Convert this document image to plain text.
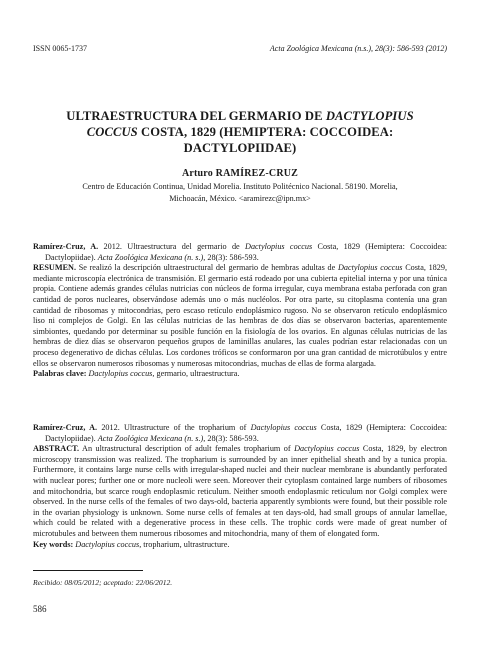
ISSN 0065-1737	Acta Zoológica Mexicana (n.s.), 28(3): 586-593 (2012)
ULTRAESTRUCTURA DEL GERMARIO DE DACTYLOPIUS
COCCUS COSTA, 1829 (HEMIPTERA: COCCOIDEA: DACTYLOPIIDAE)
Arturo RAMÍREZ-CRUZ
Centro de Educación Continua, Unidad Morelia. Instituto Politécnico Nacional. 58190. Morelia,
Michoacán, México. <aramirezc@ipn.mx>

Ramírez-Cruz, A. 2012. Ultraestructura del germario de Dactylopius coccus Costa, 1829 (Hemiptera: Coccoidea: Dactylopiidae). Acta Zoológica Mexicana (n. s.), 28(3): 586-593.

RESUMEN. Se realizó la descripción ultraestructural del germario de hembras adultas de Dactylopius coccus Costa, 1829, mediante microscopía electrónica de transmisión. El germario está rodeado por una cubierta epitelial interna y por una túnica propia. Contiene además grandes células nutricias con núcleos de forma irregular, cuya membrana estaba perforada con gran cantidad de poros nucleares, observándose además uno o más nucléolos. Por otra parte, su citoplasma contenía una gran cantidad de ribosomas y mitocondrias, pero escaso retículo endoplásmico rugoso. No se observaron retículo endoplásmico liso ni complejos de Golgi. En las células nutricias de las hembras de dos días se observaron bacterias, aparentemente simbiontes, quedando por determinar su posible función en la fisiología de los ovarios. En algunas células nutricias de las hembras de diez días se observaron pequeños grupos de laminillas anulares, las cuales podrían estar relacionadas con un proceso degenerativo de dichas células. Los cordones tróficos se conformaron por una gran cantidad de microtúbulos y entre ellos se observaron numerosos ribosomas y numerosas mitocondrias, muchas de ellas de forma alargada.

Palabras clave: Dactylopius coccus, germario, ultraestructura.

Ramírez-Cruz, A. 2012. Ultrastructure of the tropharium of Dactylopius coccus Costa, 1829 (Hemiptera: Coccoidea: Dactylopiidae). Acta Zoológica Mexicana (n. s.), 28(3): 586-593.

ABSTRACT. An ultrastructural description of adult females tropharium of Dactylopius coccus Costa, 1829, by electron microscopy transmission was realized. The tropharium is surrounded by an inner epithelial sheath and by a tunica propia. Furthermore, it contains large nurse cells with irregular-shaped nuclei and their nuclear membrane is abundantly perforated with nuclear pores; further one or more nucleoli were seen. Moreover their cytoplasm contained large numbers of ribosomes and mitochondria, but scarce rough endoplasmic reticulum. Neither smooth endoplasmic reticulum nor Golgi complex were observed. In the nurse cells of the females of two days-old, bacteria apparently symbionts were found, but their possible role in the ovarian physiology is unknown. Some nurse cells of females at ten days-old, had small groups of annular lamellae, which could be related with a degenerative process in these cells. The trophic cords were made of great number of microtubules and between them numerous ribosomes and mitochondria, many of them of elongated form.

Key words: Dactylopius coccus, tropharium, ultrastructure.

Recibido: 08/05/2012; aceptado: 22/06/2012.
586
